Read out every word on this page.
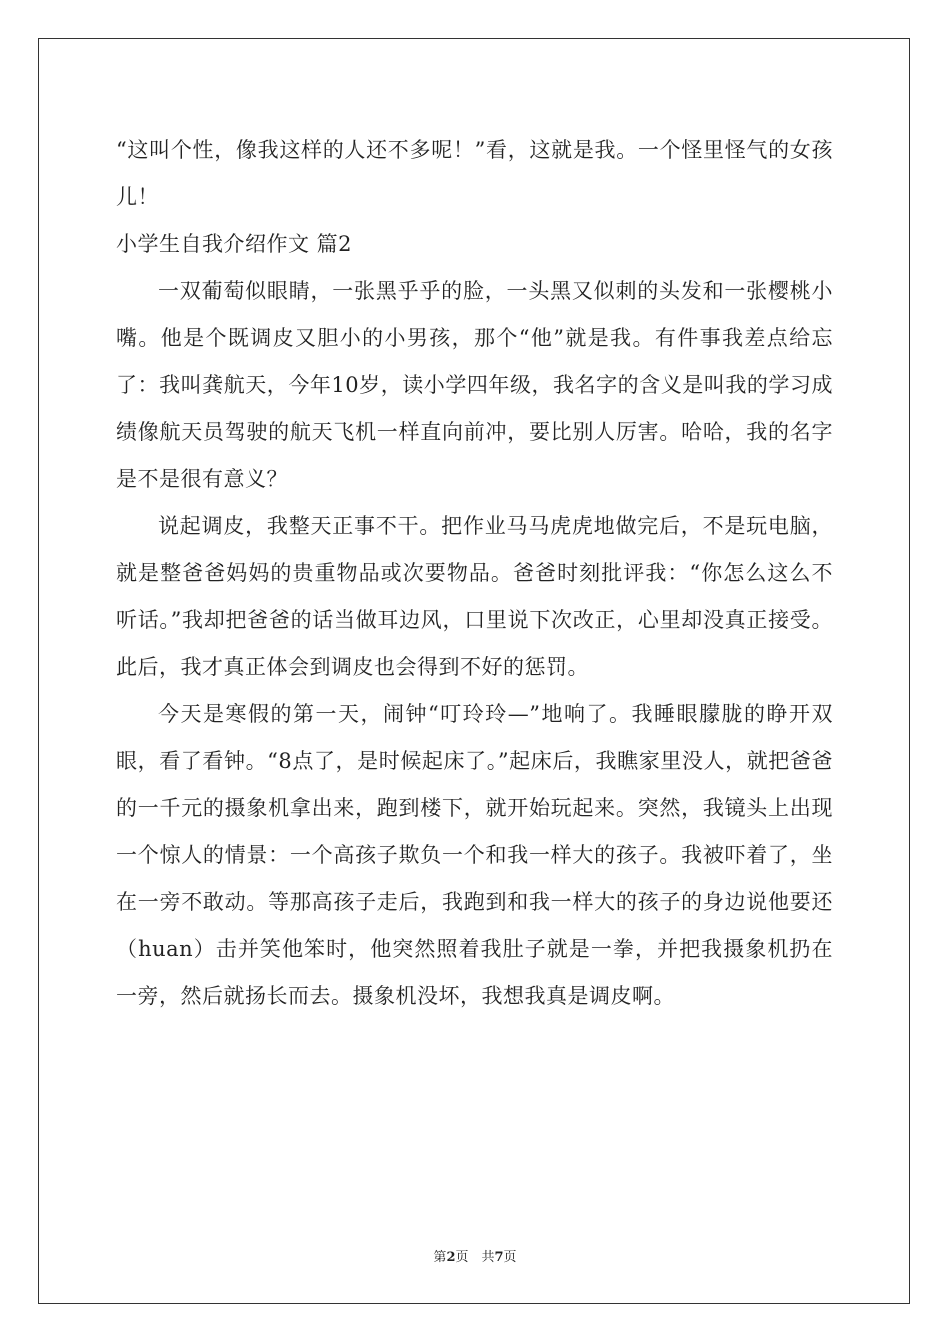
“这叫个性，像我这样的人还不多呢！”看，这就是我。一个怪里怪气的女孩儿！

小学生自我介绍作文 篇2

一双葡萄似眼睛，一张黑乎乎的脸，一头黑又似刺的头发和一张樱桃小嘴。他是个既调皮又胆小的小男孩，那个“他”就是我。有件事我差点给忘了：我叫龚航天，今年10岁，读小学四年级，我名字的含义是叫我的学习成绩像航天员驾驶的航天飞机一样直向前冲，要比别人厉害。哈哈，我的名字是不是很有意义？

说起调皮，我整天正事不干。把作业马马虎虎地做完后，不是玩电脑，就是整爸爸妈妈的贵重物品或次要物品。爸爸时刻批评我：“你怎么这么不听话。”我却把爸爸的话当做耳边风，口里说下次改正，心里却没真正接受。此后，我才真正体会到调皮也会得到不好的惩罚。

今天是寒假的第一天，闹钟“叮玲玲—”地响了。我睡眼朦胧的睁开双眼，看了看钟。“8点了，是时候起床了。”起床后，我瞧家里没人，就把爸爸的一千元的摄象机拿出来，跑到楼下，就开始玩起来。突然，我镜头上出现一个惊人的情景：一个高孩子欺负一个和我一样大的孩子。我被吓着了，坐在一旁不敢动。等那高孩子走后，我跑到和我一样大的孩子的身边说他要还（huan）击并笑他笨时，他突然照着我肚子就是一拳，并把我摄象机扔在一旁，然后就扬长而去。摄象机没坏，我想我真是调皮啊。

第2页　共7页
